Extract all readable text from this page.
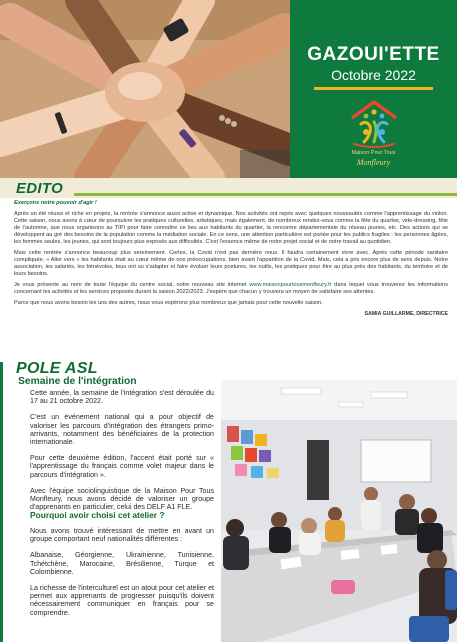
GAZOUI'ETTE
Octobre 2022
Maison Pour Tous
Monfleury
EDITO

Exerçons notre pouvoir d'agir !

Après un été réussi et riche en projets, la rentrée s'annonce aussi active et dynamique. Nos activités ont repris avec quelques nouveautés comme l'apprentissage du violon. Cette saison, nous avons à cœur de poursuivre les pratiques culturelles, artistiques, mais également, de nombreux rendez-vous comme la fête du quartier, vide-dressing, fête de l'automne, que nous organisons au TIPI pour faire connaître ce lieu aux habitants du quartier, la rencontre départementale du réseau jeunes, etc. Des actions qui se développent au gré des besoins de la population comme la médiation sociale. En ce sens, une attention particulière est portée pour les publics fragiles : les personnes âgées, les femmes seules, les jeunes, qui sont toujours plus exposés aux difficultés. C'est l'essence même de notre projet social et de notre travail au quotidien.

Mais cette rentrée s'annonce beaucoup plus sereinement. Certes, la Covid n'est pas dernière nous. Il faudra certainement vivre avec. Après cette période sanitaire compliquée, « Aller vers » les habitants était au cœur même de nos préoccupations, bien avant l'apparition de la Covid. Mais, cela a pris encore plus de sens depuis. Notre association, les salariés, les bénévoles, tous ont su s'adapter et faire évoluer leurs postures, les outils, les pratiques pour être au plus près des habitants, du territoire et de leurs besoins.

Je vous présente au nom de toute l'équipe du centre social, notre nouveau site internet www.maisonpourtousmonfleury.fr dans lequel vous trouverez les informations concernant les activités et les services proposés durant la saison 2022/2023. J'espère que chacun y trouvera un moyen de satisfaire ses attentes.

Parce que nous avons besoin les uns des autres, nous vous espérons plus nombreux que jamais pour cette nouvelle saison.

SAMIA GUILLARME, DIRECTRICE

POLE ASL
Semaine de l'intégration

Cette année, la semaine de l'intégration s'est déroulée du 17 au 21 octobre 2022.

C'est un événement national qui a pour objectif de valoriser les parcours d'intégration des étrangers primo-arrivants, notamment des bénéficiaires de la protection internationale.

Pour cette deuxième édition, l'accent était porté sur « l'apprentissage du français comme volet majeur dans le parcours d'intégration ».

Avec l'équipe sociolinguistique de la Maison Pour Tous Monfleury, nous avons décidé de valoriser un groupe d'apprenants en particulier, celui des DELF A1 FLE.

Pourquoi avoir choisi cet atelier ?

Nous avons trouvé intéressant de mettre en avant un groupe comportant neuf nationalités différentes :

Albanaise, Géorgienne, Ukrainienne, Tunisienne, Tchétchène, Marocaine, Brésilienne, Turque et Colombienne.

La richesse de l'interculturel est un atout pour cet atelier et permet aux apprenants de progresser puisqu'ils doivent nécessairement communiquer en français pour se comprendre.
